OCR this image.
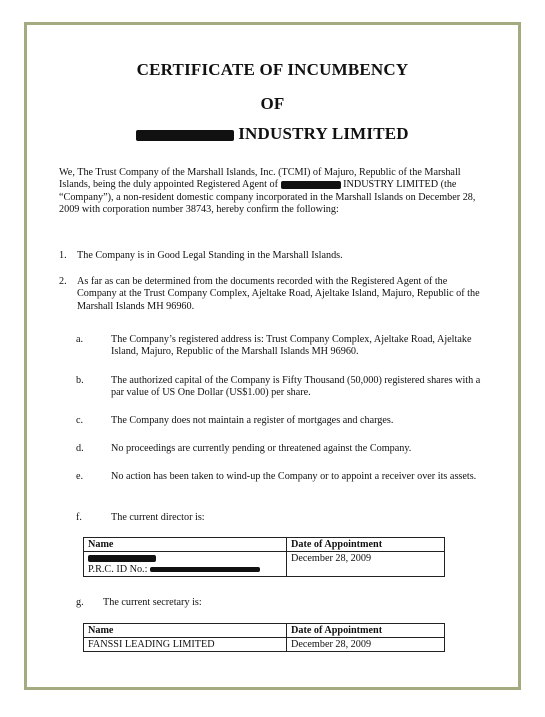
CERTIFICATE OF INCUMBENCY
OF
INDUSTRY LIMITED
We, The Trust Company of the Marshall Islands, Inc. (TCMI) of Majuro, Republic of the Marshall Islands, being the duly appointed Registered Agent of	INDUSTRY LIMITED (the “Company”), a non-resident domestic company incorporated in the Marshall Islands on December 28, 2009 with corporation number 38743, hereby confirm the following:
1. The Company is in Good Legal Standing in the Marshall Islands.
2. As far as can be determined from the documents recorded with the Registered Agent of the Company at the Trust Company Complex, Ajeltake Road, Ajeltake Island, Majuro, Republic of the Marshall Islands MH 96960.
a.	The Company’s registered address is: Trust Company Complex, Ajeltake Road, Ajeltake Island, Majuro, Republic of the Marshall Islands MH 96960.
b.	The authorized capital of the Company is Fifty Thousand (50,000) registered shares with a par value of US One Dollar (US$1.00) per share.
c.	The Company does not maintain a register of mortgages and charges.
d.	No proceedings are currently pending or threatened against the Company.
e.	No action has been taken to wind-up the Company or to appoint a receiver over its assets.
f.	The current director is:
Name	Date of Appointment

P.R.C. ID No.:	December 28, 2009
g. The current secretary is:
Name	Date of Appointment
FANSSI LEADING LIMITED	December 28, 2009
